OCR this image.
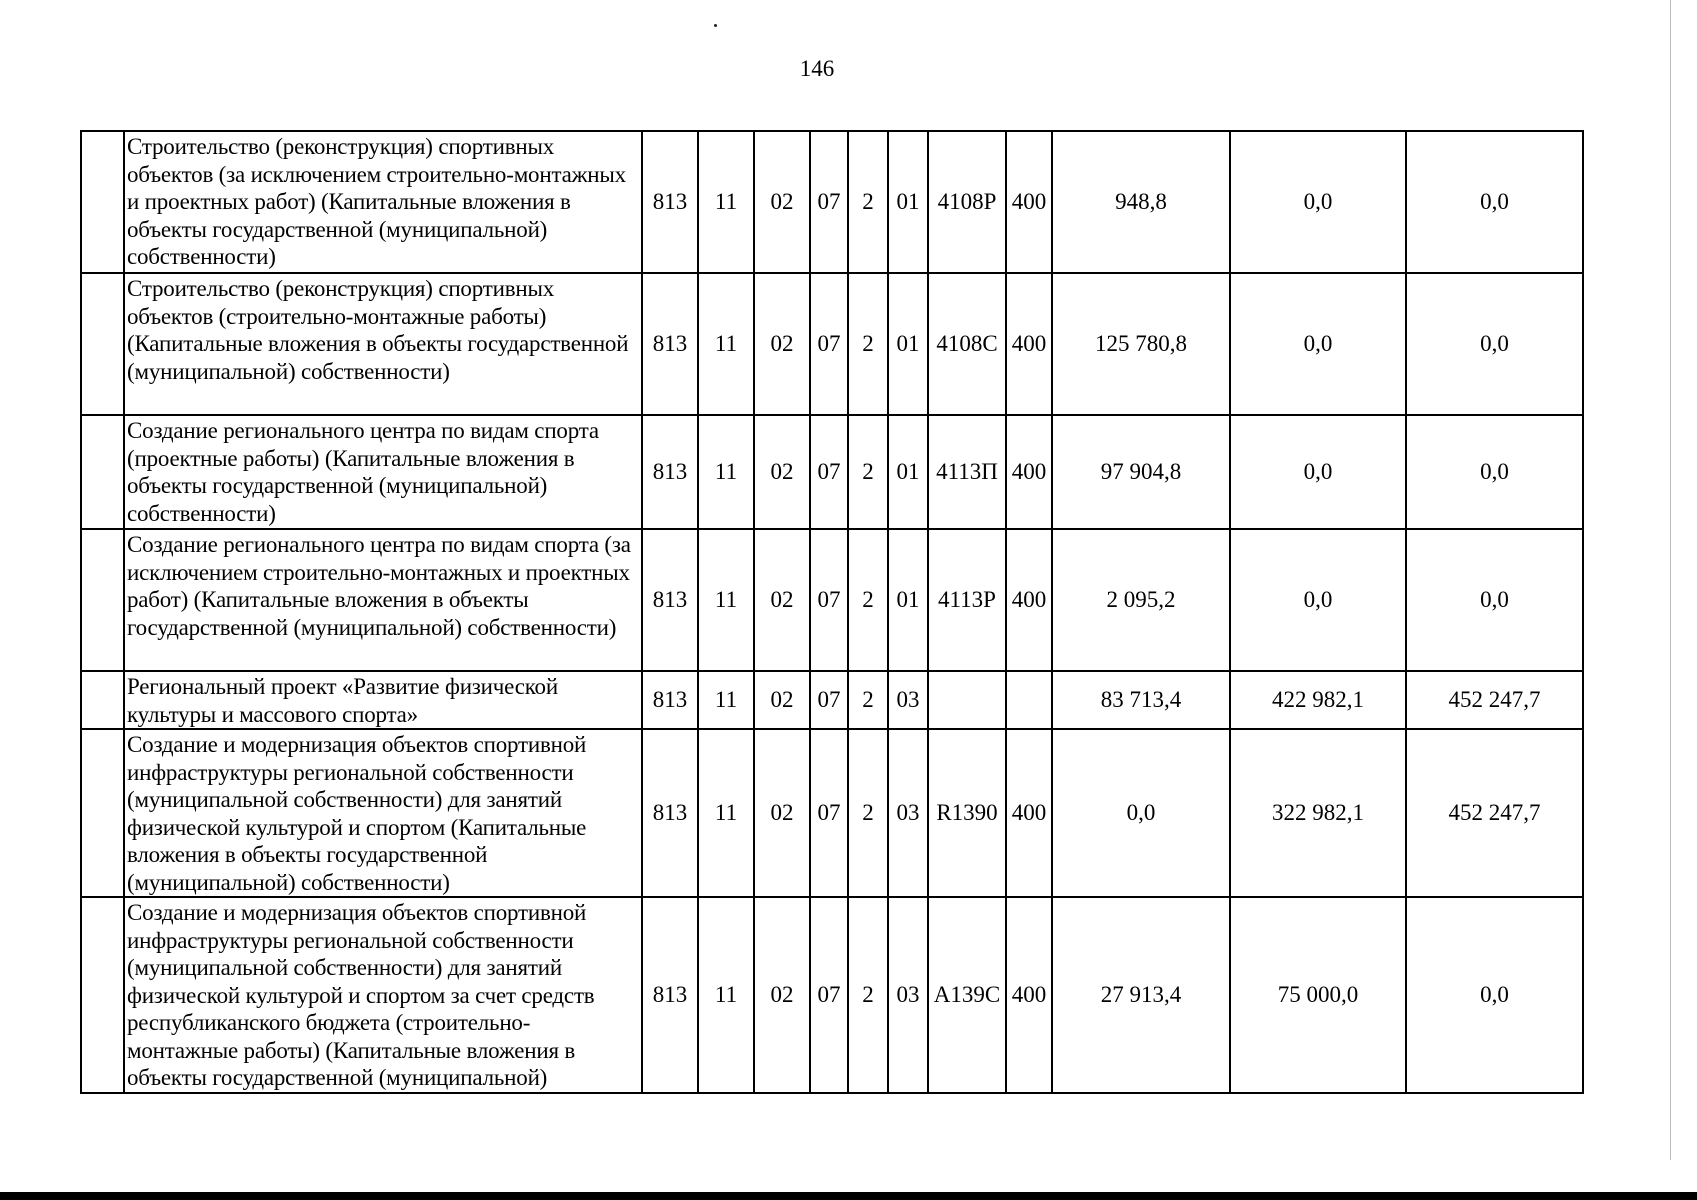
146
	Строительство (реконструкция) спортивных объектов (за исключением строительно-монтажных и проектных работ) (Капитальные вложения в объекты государственной (муниципальной) собственности)	813	11	02	07	2	01	4108Р	400	948,8	0,0	0,0
	Строительство (реконструкция) спортивных объектов (строительно-монтажные работы) (Капитальные вложения в объекты государственной (муниципальной) собственности)	813	11	02	07	2	01	4108С	400	125 780,8	0,0	0,0
	Создание регионального центра по видам спорта (проектные работы) (Капитальные вложения в объекты государственной (муниципальной) собственности)	813	11	02	07	2	01	4113П	400	97 904,8	0,0	0,0
	Создание регионального центра по видам спорта (за исключением строительно-монтажных и проектных работ) (Капитальные вложения в объекты государственной (муниципальной) собственности)	813	11	02	07	2	01	4113Р	400	2 095,2	0,0	0,0
	Региональный проект «Развитие физической культуры и массового спорта»	813	11	02	07	2	03			83 713,4	422 982,1	452 247,7
	Создание и модернизация объектов спортивной инфраструктуры региональной собственности (муниципальной собственности) для занятий физической культурой и спортом (Капитальные вложения в объекты государственной (муниципальной) собственности)	813	11	02	07	2	03	R1390	400	0,0	322 982,1	452 247,7
	Создание и модернизация объектов спортивной инфраструктуры региональной собственности (муниципальной собственности) для занятий физической культурой и спортом за счет средств республиканского бюджета (строительно-монтажные работы) (Капитальные вложения в объекты государственной (муниципальной)	813	11	02	07	2	03	А139С	400	27 913,4	75 000,0	0,0
